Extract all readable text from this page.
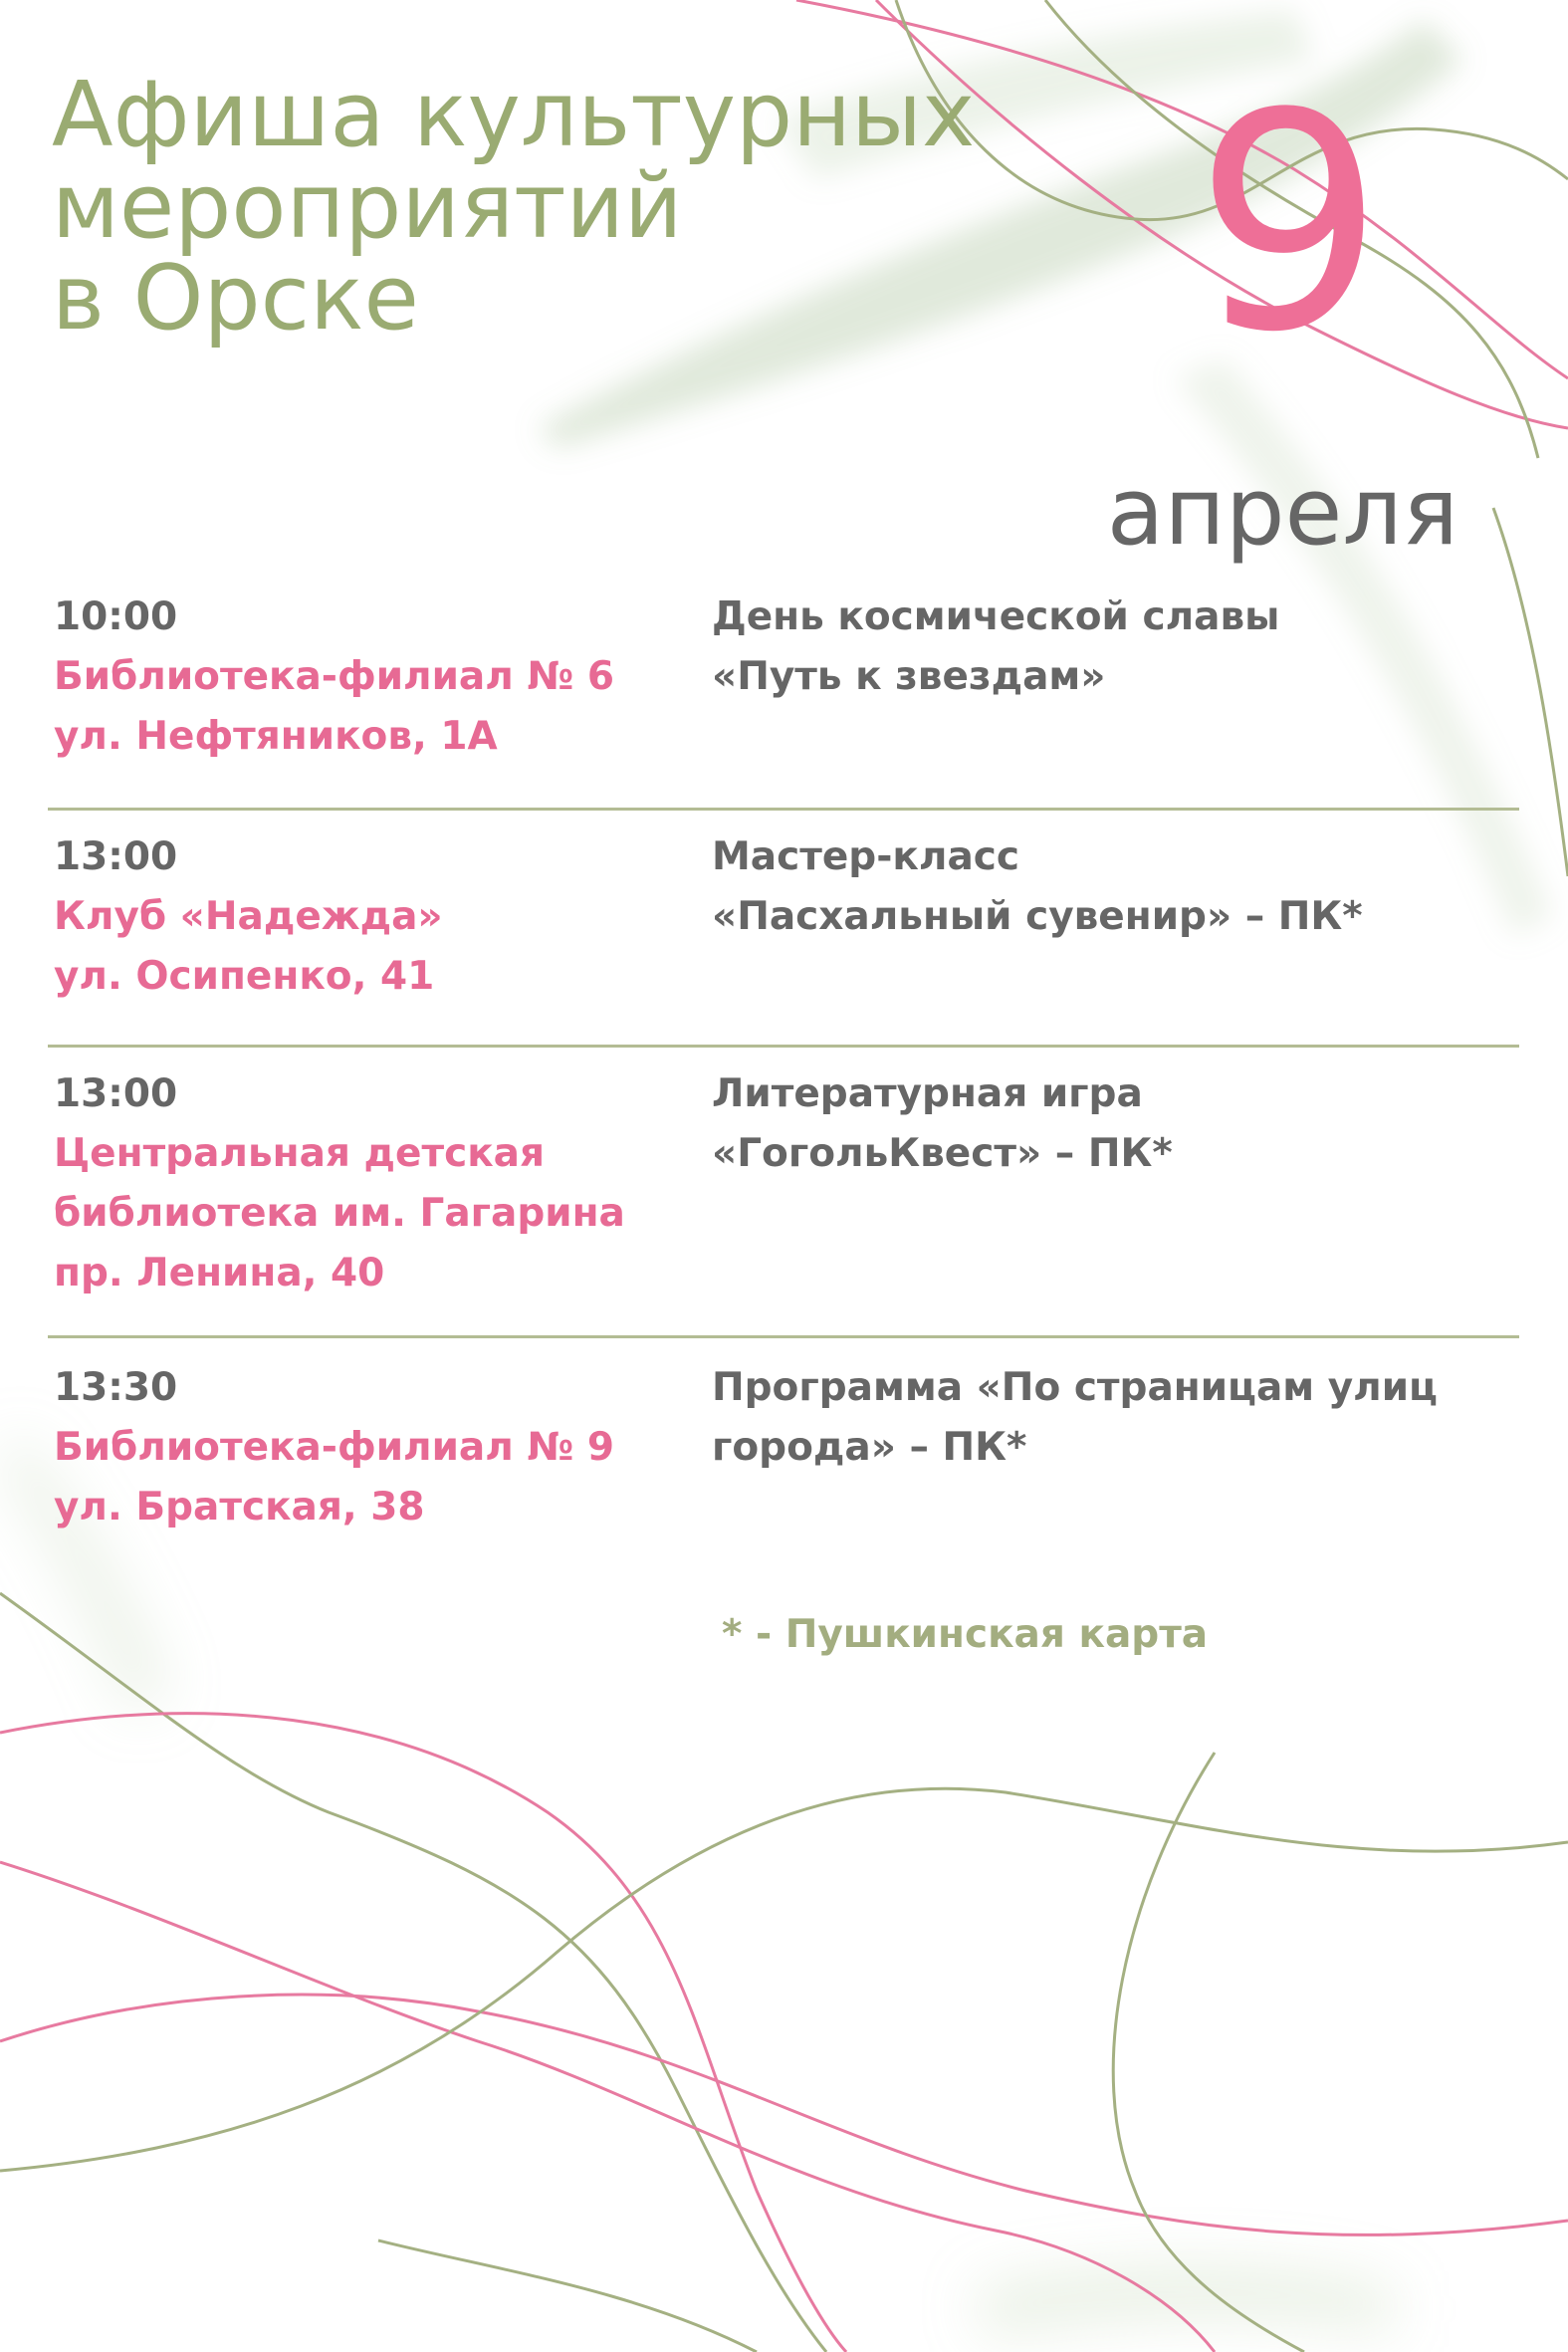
Афиша культурных
мероприятий
в Орске	9
апреля
10:00
Библиотека-филиал № 6
ул. Нефтяников, 1А
День космической славы
«Путь к звездам»
13:00
Клуб «Надежда»
ул. Осипенко, 41
Мастер-класс
«Пасхальный сувенир» – ПК*
13:00
Центральная детская
библиотека им. Гагарина
пр. Ленина, 40
Литературная игра
«ГогольКвест» – ПК*
13:30
Библиотека-филиал № 9
ул. Братская, 38
Программа «По страницам улиц
города» – ПК*
* - Пушкинская карта
